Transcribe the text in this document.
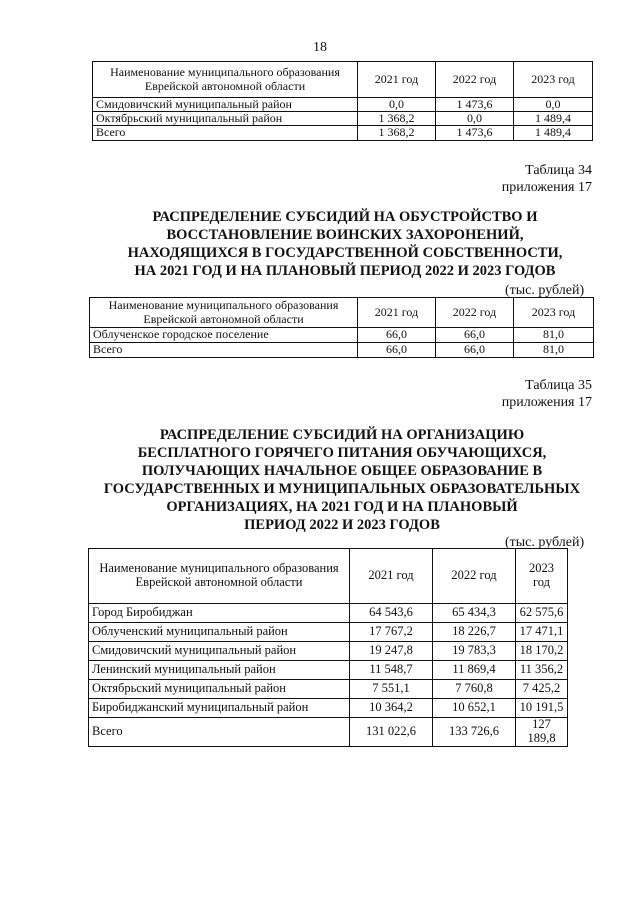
18
Наименование муниципального образования Еврейской автономной области	2021 год	2022 год	2023 год
Смидовичский муниципальный район	0,0	1 473,6	0,0
Октябрьский муниципальный район	1 368,2	0,0	1 489,4
Всего	1 368,2	1 473,6	1 489,4
Таблица 34
приложения 17
РАСПРЕДЕЛЕНИЕ СУБСИДИЙ НА ОБУСТРОЙСТВО И
ВОССТАНОВЛЕНИЕ ВОИНСКИХ ЗАХОРОНЕНИЙ,
НАХОДЯЩИХСЯ В ГОСУДАРСТВЕННОЙ СОБСТВЕННОСТИ,
НА 2021 ГОД И НА ПЛАНОВЫЙ ПЕРИОД 2022 И 2023 ГОДОВ
(тыс. рублей)
Наименование муниципального образования Еврейской автономной области	2021 год	2022 год	2023 год
Облученское городское поселение	66,0	66,0	81,0
Всего	66,0	66,0	81,0
Таблица 35
приложения 17
РАСПРЕДЕЛЕНИЕ СУБСИДИЙ НА ОРГАНИЗАЦИЮ
БЕСПЛАТНОГО ГОРЯЧЕГО ПИТАНИЯ ОБУЧАЮЩИХСЯ,
ПОЛУЧАЮЩИХ НАЧАЛЬНОЕ ОБЩЕЕ ОБРАЗОВАНИЕ В
ГОСУДАРСТВЕННЫХ И МУНИЦИПАЛЬНЫХ ОБРАЗОВАТЕЛЬНЫХ
ОРГАНИЗАЦИЯХ, НА 2021 ГОД И НА ПЛАНОВЫЙ
ПЕРИОД 2022 И 2023 ГОДОВ
(тыс. рублей)
Наименование муниципального образования Еврейской автономной области	2021 год	2022 год	2023 год
Город Биробиджан	64 543,6	65 434,3	62 575,6
Облученский муниципальный район	17 767,2	18 226,7	17 471,1
Смидовичский муниципальный район	19 247,8	19 783,3	18 170,2
Ленинский муниципальный район	11 548,7	11 869,4	11 356,2
Октябрьский муниципальный район	7 551,1	7 760,8	7 425,2
Биробиджанский муниципальный район	10 364,2	10 652,1	10 191,5
Всего	131 022,6	133 726,6	127 189,8
